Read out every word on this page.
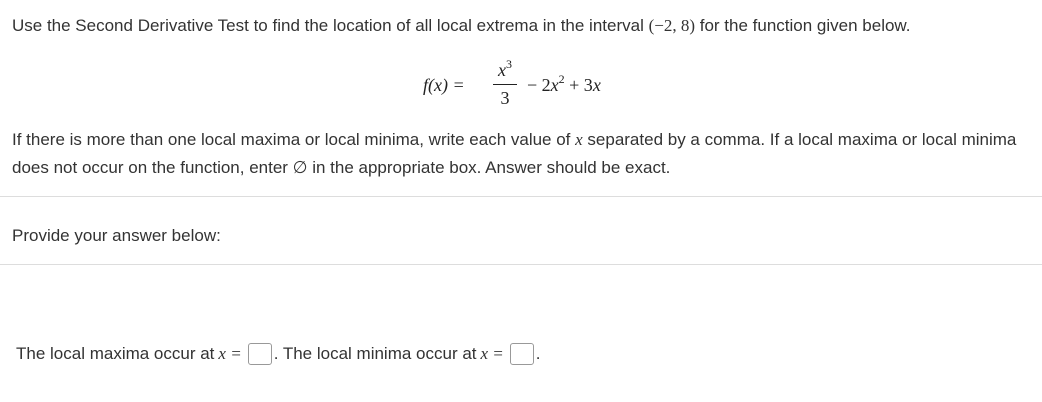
Use the Second Derivative Test to find the location of all local extrema in the interval (−2, 8) for the function given below.
f(x) =
$x^3$
3
− $2x^2 + 3x$
If there is more than one local maxima or local minima, write each value of x separated by a comma. If a local maxima or local minima does not occur on the function, enter ∅ in the appropriate box. Answer should be exact.
Provide your answer below:
The local maxima occur at x = . The local minima occur at x = .
